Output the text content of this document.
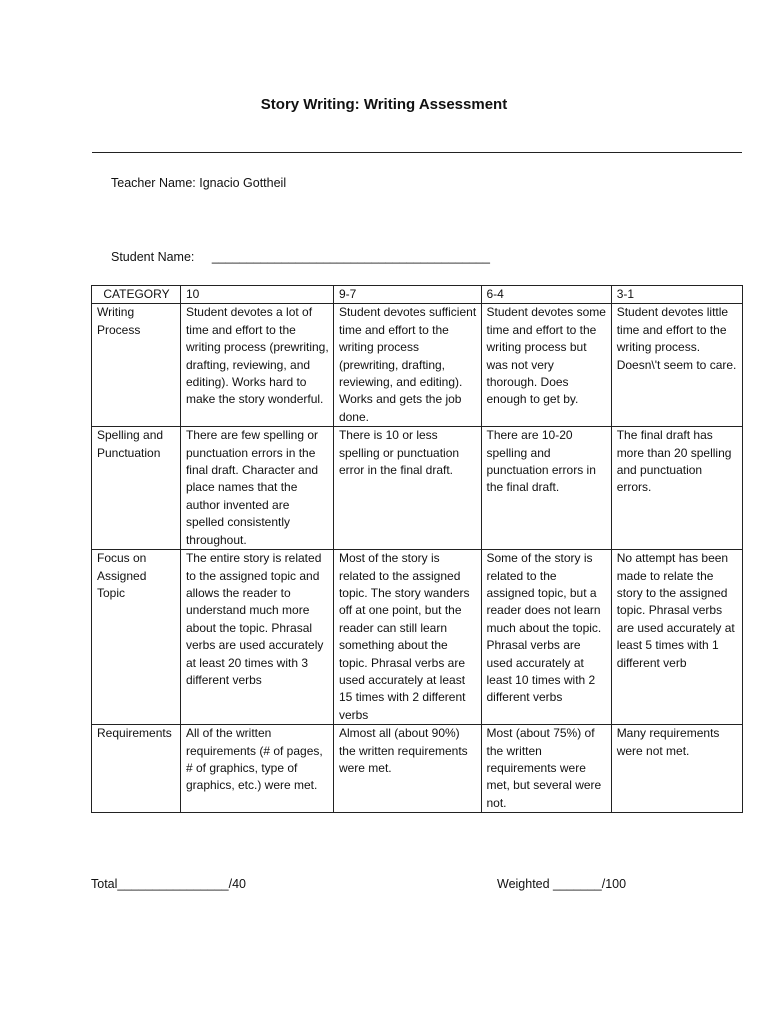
Story Writing: Writing Assessment
Teacher Name: Ignacio Gottheil
Student Name: ________________________________________
CATEGORY	10	9-7	6-4	3-1
Writing Process	Student devotes a lot of time and effort to the writing process (prewriting, drafting, reviewing, and editing). Works hard to make the story wonderful.	Student devotes sufficient time and effort to the writing process (prewriting, drafting, reviewing, and editing). Works and gets the job done.	Student devotes some time and effort to the writing process but was not very thorough. Does enough to get by.	Student devotes little time and effort to the writing process. Doesn\'t seem to care.
Spelling and Punctuation	There are few spelling or punctuation errors in the final draft. Character and place names that the author invented are spelled consistently throughout.	There is 10 or less spelling or punctuation error in the final draft.	There are 10-20 spelling and punctuation errors in the final draft.	The final draft has more than 20 spelling and punctuation errors.
Focus on Assigned Topic	The entire story is related to the assigned topic and allows the reader to understand much more about the topic. Phrasal verbs are used accurately at least 20 times with 3 different verbs	Most of the story is related to the assigned topic. The story wanders off at one point, but the reader can still learn something about the topic. Phrasal verbs are used accurately at least 15 times with 2 different verbs	Some of the story is related to the assigned topic, but a reader does not learn much about the topic. Phrasal verbs are used accurately at least 10 times with 2 different verbs	No attempt has been made to relate the story to the assigned topic. Phrasal verbs are used accurately at least 5 times with 1 different verb
Requirements	All of the written requirements (# of pages, # of graphics, type of graphics, etc.) were met.	Almost all (about 90%) the written requirements were met.	Most (about 75%) of the written requirements were met, but several were not.	Many requirements were not met.
Total________________/40	Weighted _______/100
